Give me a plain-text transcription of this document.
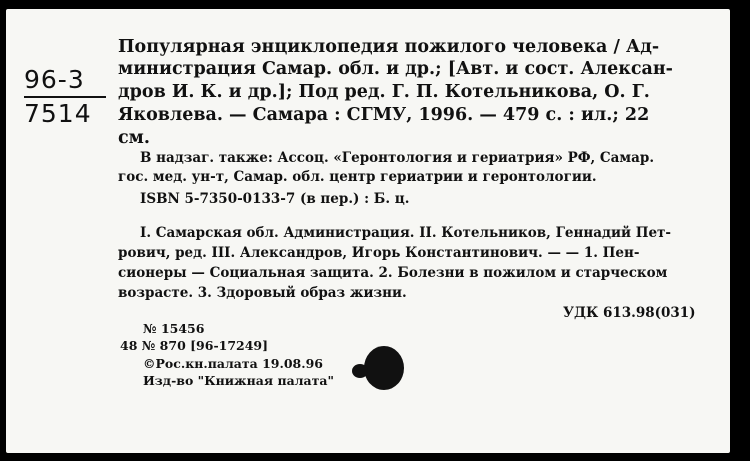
96-3
7514
Популярная энциклопедия пожилого человека / Ад-
министрация Самар. обл. и др.; [Авт. и сост. Алексан-
дров И. К. и др.]; Под ред. Г. П. Котельникова, О. Г.
Яковлева. — Самара : СГМУ, 1996. — 479 с. : ил.; 22
см.
В надзаг. также: Ассоц. «Геронтология и гериатрия» РФ, Самар.
гос. мед. ун-т, Самар. обл. центр гериатрии и геронтологии.
ISBN 5-7350-0133-7 (в пер.) : Б. ц.
I. Самарская обл. Администрация. II. Котельников, Геннадий Пет-
рович, ред. III. Александров, Игорь Константинович. — — 1. Пен-
сионеры — Социальная защита. 2. Болезни в пожилом и старческом
возрасте. 3. Здоровый образ жизни.
УДК 613.98(031)
№ 15456
48 № 870 [96-17249]
©Рос.кн.палата 19.08.96
Изд-во "Книжная палата"
